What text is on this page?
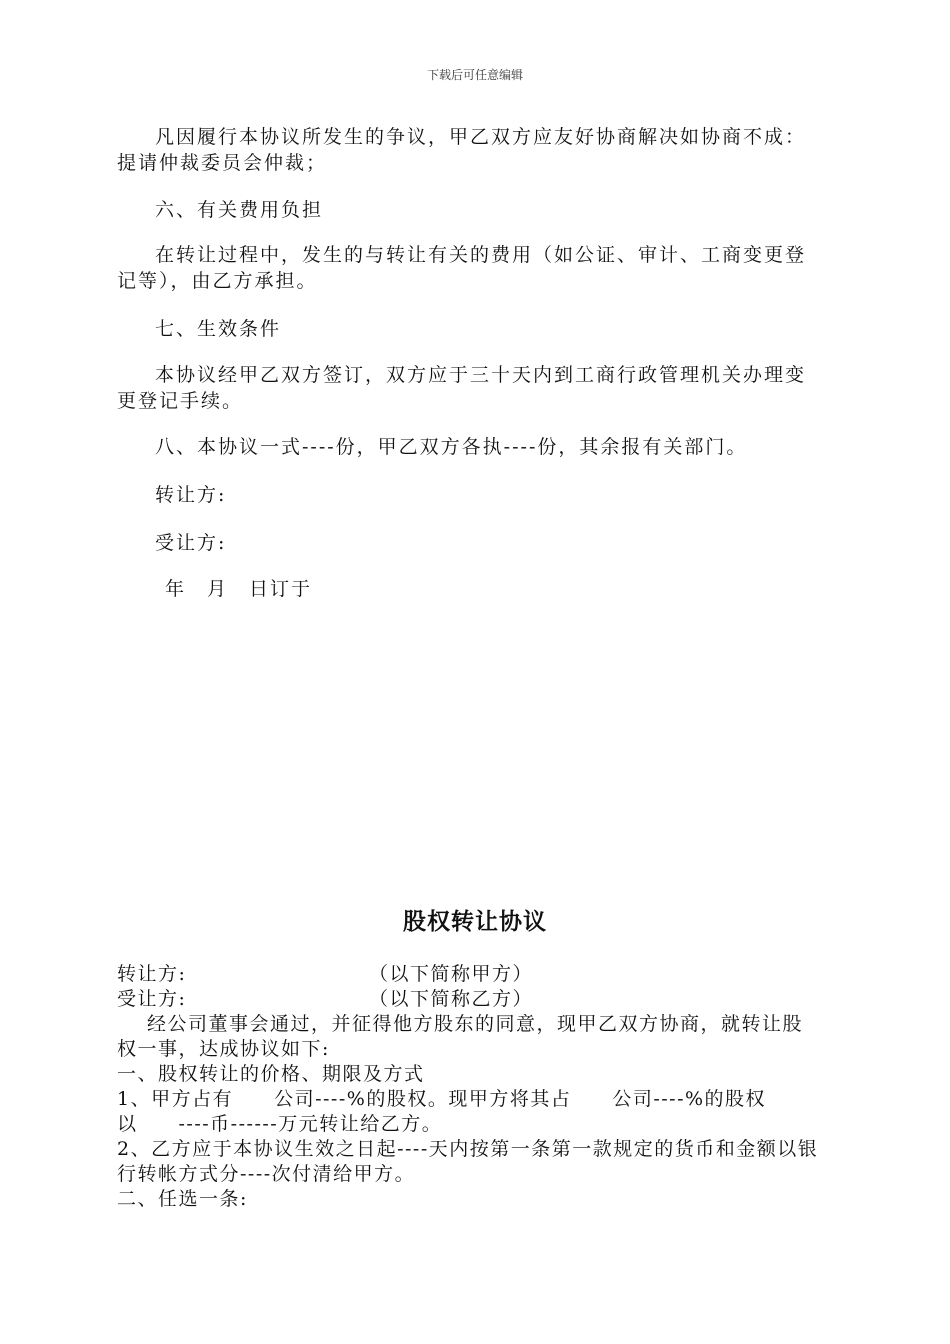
下载后可任意编辑
凡因履行本协议所发生的争议，甲乙双方应友好协商解决如协商不成： 提请仲裁委员会仲裁；
六、有关费用负担
在转让过程中，发生的与转让有关的费用（如公证、审计、工商变更登记等），由乙方承担。
七、生效条件
本协议经甲乙双方签订，双方应于三十天内到工商行政管理机关办理变更登记手续。
八、本协议一式----份，甲乙双方各执----份，其余报有关部门。
转让方:
受让方:
年　月　日订于
股权转让协议
转让方:	（以下简称甲方）
受让方:	（以下简称乙方）
经公司董事会通过，并征得他方股东的同意，现甲乙双方协商，就转让股权一事，达成协议如下:
一、股权转让的价格、期限及方式
1、甲方占有　　公司----%的股权。现甲方将其占　　公司----%的股权以　　----币------万元转让给乙方。
2、乙方应于本协议生效之日起----天内按第一条第一款规定的货币和金额以银行转帐方式分----次付清给甲方。
二、任选一条:
